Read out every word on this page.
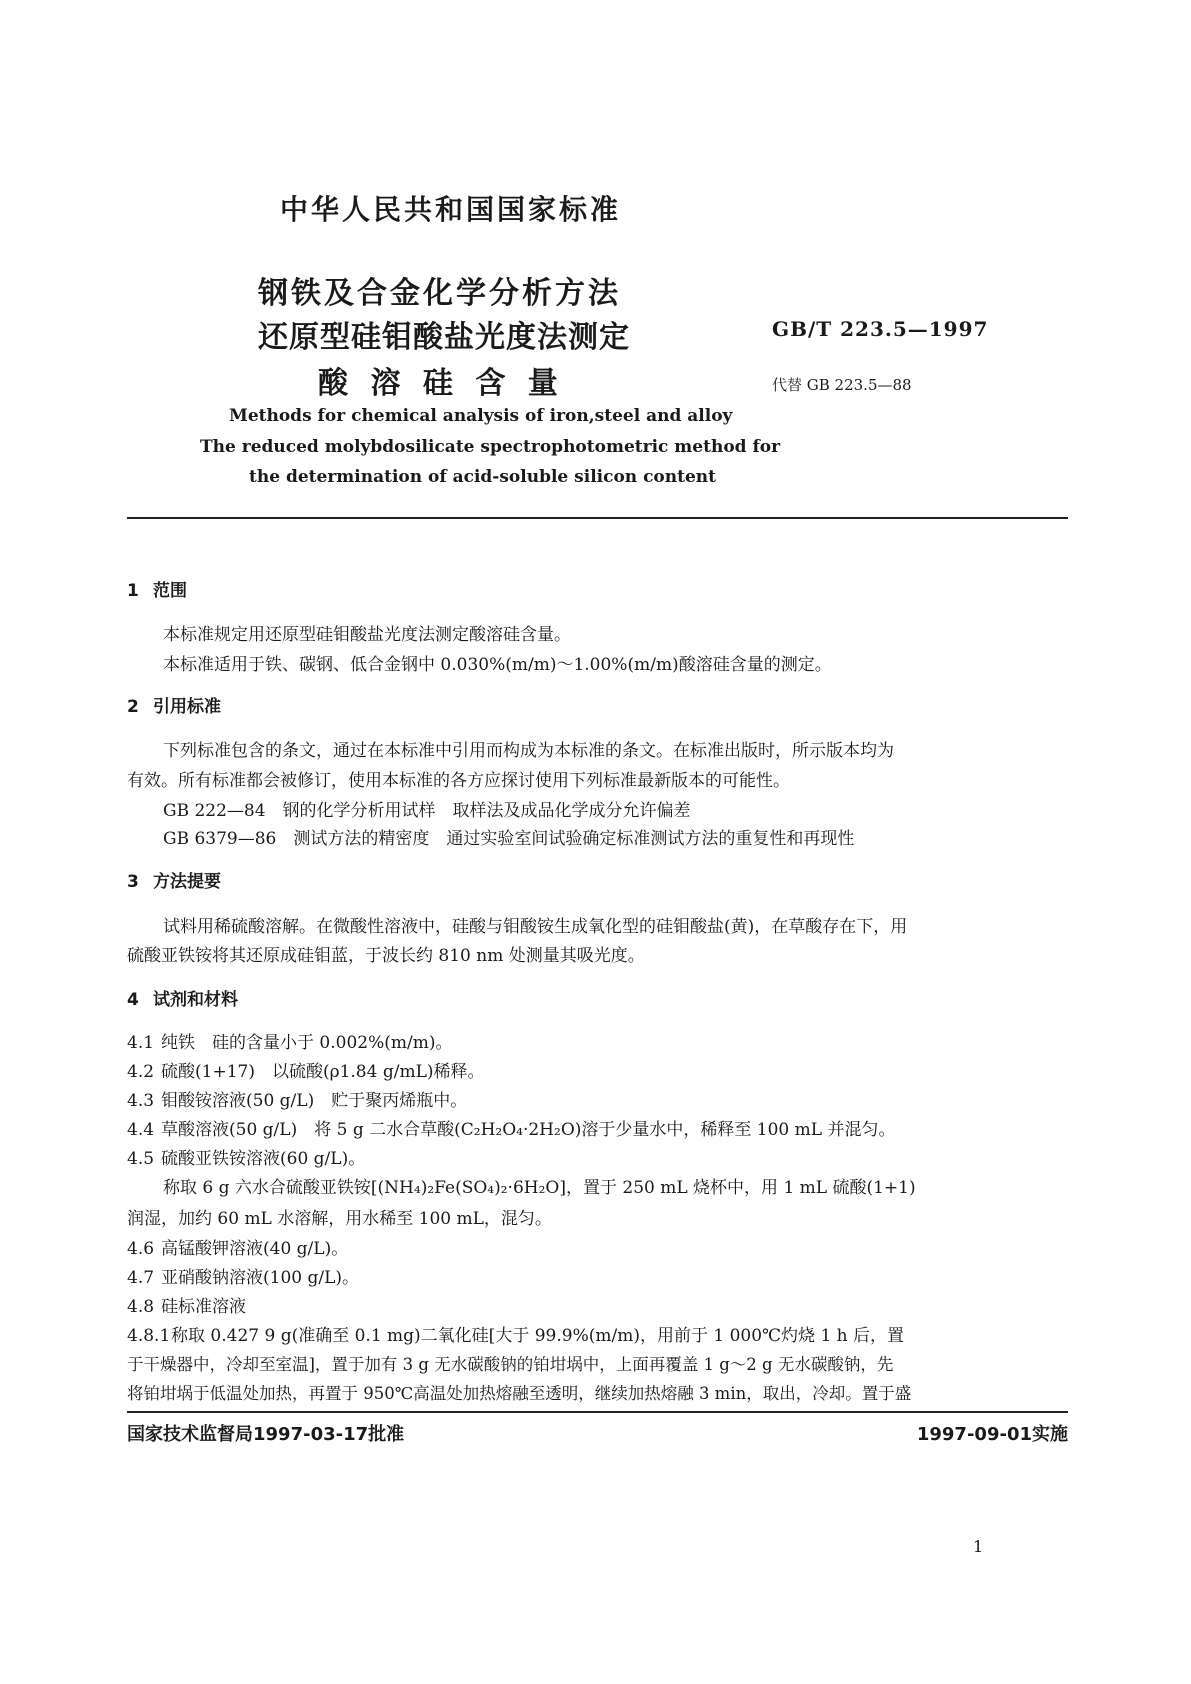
中华人民共和国国家标准
钢铁及合金化学分析方法
还原型硅钼酸盐光度法测定
酸 溶 硅 含 量
GB/T 223.5—1997
代替 GB 223.5—88
Methods for chemical analysis of iron,steel and alloy
The reduced molybdosilicate spectrophotometric method for
the determination of acid-soluble silicon content
1 范围
本标准规定用还原型硅钼酸盐光度法测定酸溶硅含量。
本标准适用于铁、碳钢、低合金钢中 0.030%(m/m)～1.00%(m/m)酸溶硅含量的测定。
2 引用标准
下列标准包含的条文，通过在本标准中引用而构成为本标准的条文。在标准出版时，所示版本均为
有效。所有标准都会被修订，使用本标准的各方应探讨使用下列标准最新版本的可能性。
GB 222—84　钢的化学分析用试样　取样法及成品化学成分允许偏差
GB 6379—86　测试方法的精密度　通过实验室间试验确定标准测试方法的重复性和再现性
3 方法提要
试料用稀硫酸溶解。在微酸性溶液中，硅酸与钼酸铵生成氧化型的硅钼酸盐(黄)，在草酸存在下，用
硫酸亚铁铵将其还原成硅钼蓝，于波长约 810 nm 处测量其吸光度。
4 试剂和材料
4.1 纯铁　硅的含量小于 0.002%(m/m)。
4.2 硫酸(1+17)　以硫酸(ρ1.84 g/mL)稀释。
4.3 钼酸铵溶液(50 g/L)　贮于聚丙烯瓶中。
4.4 草酸溶液(50 g/L)　将 5 g 二水合草酸(C₂H₂O₄·2H₂O)溶于少量水中，稀释至 100 mL 并混匀。
4.5 硫酸亚铁铵溶液(60 g/L)。
称取 6 g 六水合硫酸亚铁铵[(NH₄)₂Fe(SO₄)₂·6H₂O]，置于 250 mL 烧杯中，用 1 mL 硫酸(1+1)
润湿，加约 60 mL 水溶解，用水稀至 100 mL，混匀。
4.6 高锰酸钾溶液(40 g/L)。
4.7 亚硝酸钠溶液(100 g/L)。
4.8 硅标准溶液
4.8.1称取 0.427 9 g(准确至 0.1 mg)二氧化硅[大于 99.9%(m/m)，用前于 1 000℃灼烧 1 h 后，置
于干燥器中，冷却至室温]，置于加有 3 g 无水碳酸钠的铂坩埚中，上面再覆盖 1 g～2 g 无水碳酸钠，先
将铂坩埚于低温处加热，再置于 950℃高温处加热熔融至透明，继续加热熔融 3 min，取出，冷却。置于盛
国家技术监督局1997-03-17批准	1997-09-01实施
1
